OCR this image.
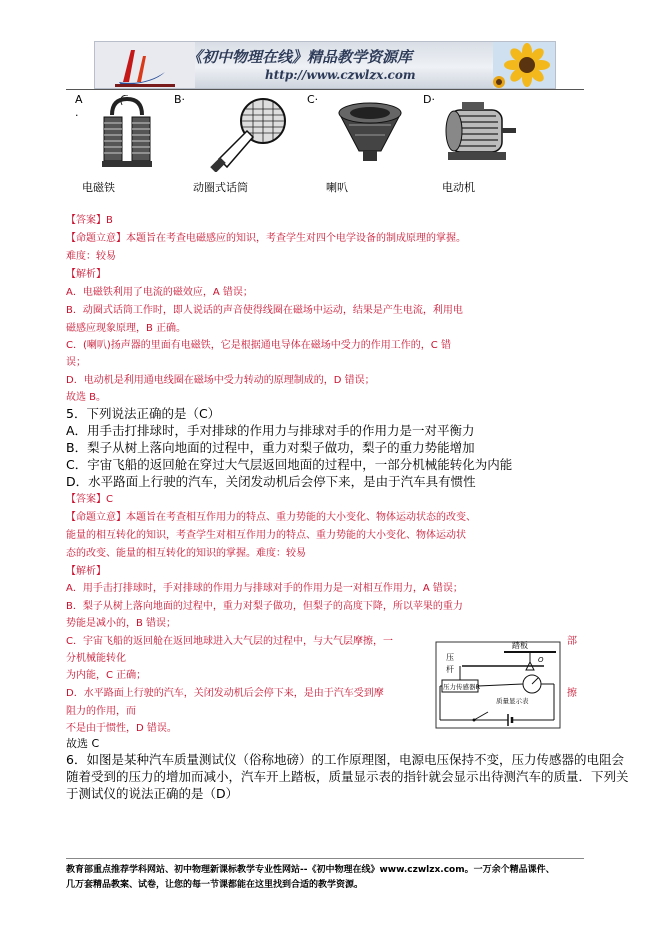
《初中物理在线》精品教学资源库
http://www.czwlzx.com
A
.
B·	C·	D·
电磁铁	动圈式话筒	喇叭	电动机
【答案】B
【命题立意】本题旨在考查电磁感应的知识，考查学生对四个电学设备的制成原理的掌握。
难度：较易
【解析】
A．电磁铁利用了电流的磁效应，A 错误；
B．动圈式话筒工作时，即人说话的声音使得线圈在磁场中运动，结果是产生电流，利用电
磁感应现象原理，B 正确。
C．(喇叭)扬声器的里面有电磁铁，它是根据通电导体在磁场中受力的作用工作的，C 错
误；
D．电动机是利用通电线圈在磁场中受力转动的原理制成的，D 错误；
故选 B。
5．下列说法正确的是（C）
A．用手击打排球时，手对排球的作用力与排球对手的作用力是一对平衡力
B．梨子从树上落向地面的过程中，重力对梨子做功，梨子的重力势能增加
C．宇宙飞船的返回舱在穿过大气层返回地面的过程中，一部分机械能转化为内能
D．水平路面上行驶的汽车，关闭发动机后会停下来，是由于汽车具有惯性
【答案】C
【命题立意】本题旨在考查相互作用力的特点、重力势能的大小变化、物体运动状态的改变、
能量的相互转化的知识，考查学生对相互作用力的特点、重力势能的大小变化、物体运动状
态的改变、能量的相互转化的知识的掌握。难度：较易
【解析】
A．用手击打排球时，手对排球的作用力与排球对手的作用力是一对相互作用力，A 错误；
B．梨子从树上落向地面的过程中，重力对梨子做功，但梨子的高度下降，所以苹果的重力
势能是减小的，B 错误；
C．宇宙飞船的返回舱在返回地球进入大气层的过程中，与大气层摩擦，一	部
分机械能转化
为内能，C 正确；
D．水平路面上行驶的汽车，关闭发动机后会停下来，是由于汽车受到摩	擦
阻力的作用，而
不是由于惯性，D 错误。
故选 C
踏板
压
杆
压力传感器R
质量显示表
O
6．如图是某种汽车质量测试仪（俗称地磅）的工作原理图，电源电压保持不变，压力传感器的电阻会
随着受到的压力的增加而减小，汽车开上踏板，质量显示表的指针就会显示出待测汽车的质量．下列关
于测试仪的说法正确的是（D）
教育部重点推荐学科网站、初中物理新课标教学专业性网站--《初中物理在线》www.czwlzx.com。一万余个精品课件、
几万套精品教案、试卷，让您的每一节课都能在这里找到合适的教学资源。
